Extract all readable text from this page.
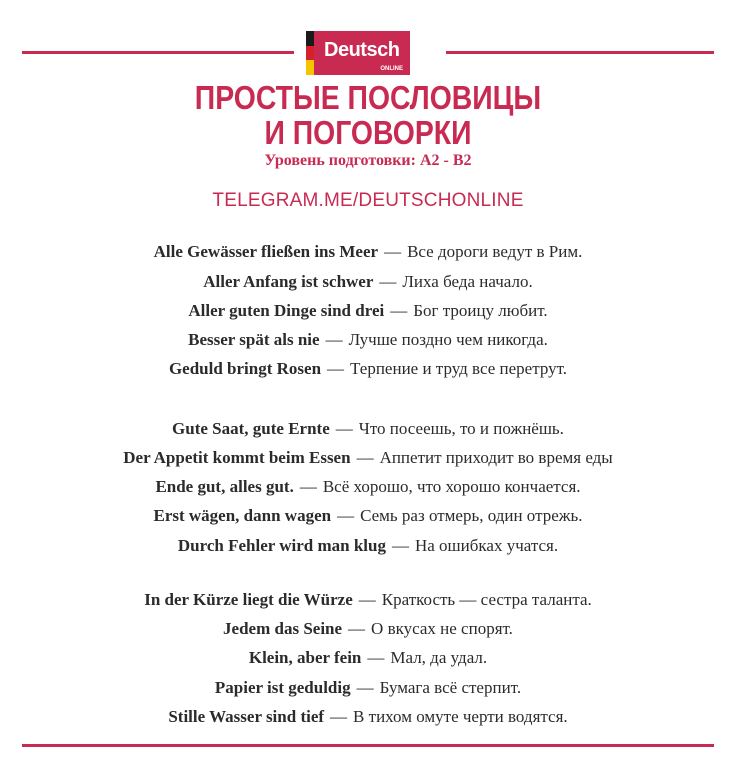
Deutsch
ONLINE
ПРОСТЫЕ ПОСЛОВИЦЫ
И ПОГОВОРКИ
Уровень подготовки: А2 - В2
TELEGRAM.ME/DEUTSCHONLINE
Alle Gewässer fließen ins Meer — Все дороги ведут в Рим.
Aller Anfang ist schwer — Лиха беда начало.
Aller guten Dinge sind drei — Бог троицу любит.
Besser spät als nie — Лучше поздно чем никогда.
Geduld bringt Rosen — Терпение и труд все перетрут.
Gute Saat, gute Ernte — Что посеешь, то и пожнёшь.
Der Appetit kommt beim Essen — Аппетит приходит во время еды
Ende gut, alles gut. — Всё хорошо, что хорошо кончается.
Erst wägen, dann wagen — Семь раз отмерь, один отрежь.
Durch Fehler wird man klug — На ошибках учатся.
In der Kürze liegt die Würze — Краткость — сестра таланта.
Jedem das Seine — О вкусах не спорят.
Klein, aber fein — Мал, да удал.
Papier ist geduldig — Бумага всё стерпит.
Stille Wasser sind tief — В тихом омуте черти водятся.
